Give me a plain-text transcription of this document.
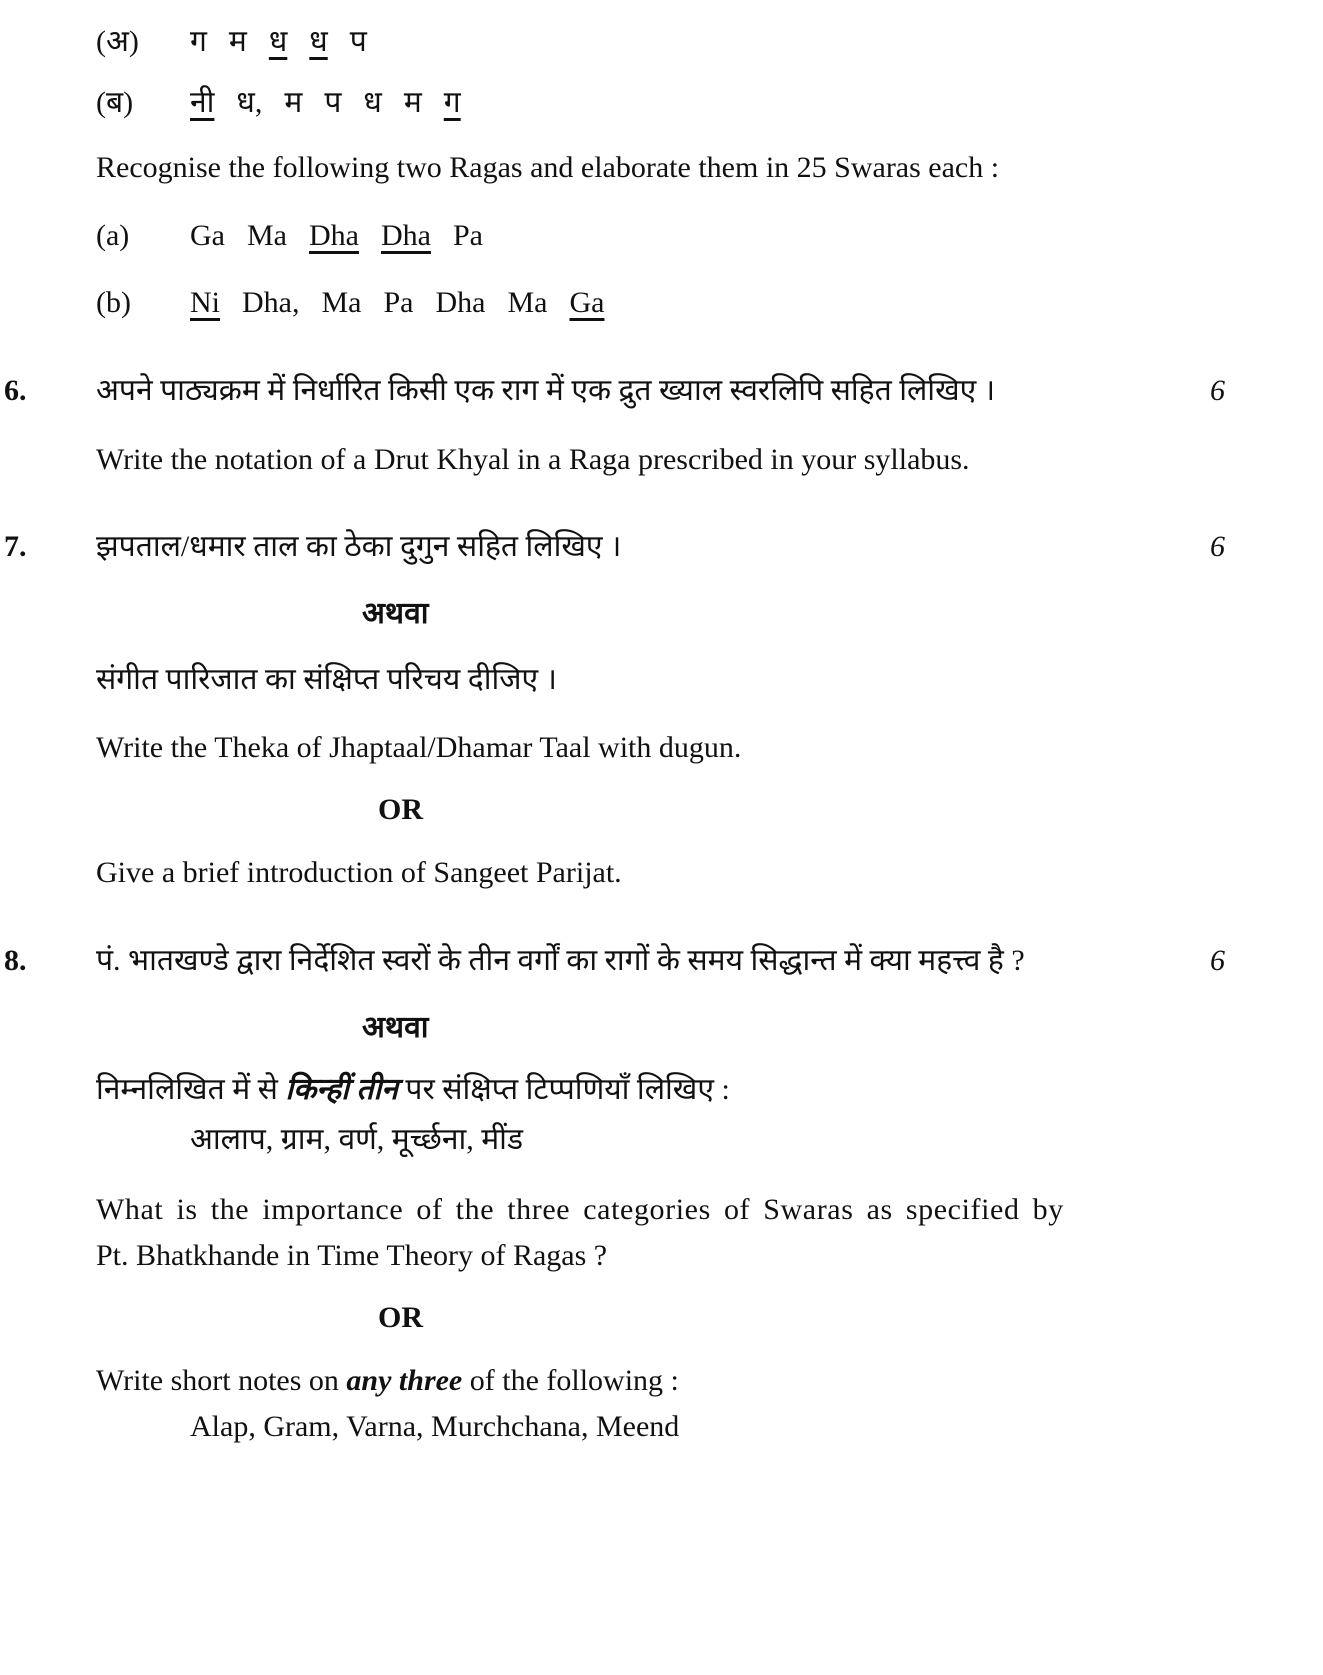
(अ) ग म ध ध प
(ब) नी ध, म प ध म ग
Recognise the following two Ragas and elaborate them in 25 Swaras each :
(a) Ga Ma Dha Dha Pa
(b) Ni Dha, Ma Pa Dha Ma Ga
6. अपने पाठ्यक्रम में निर्धारित किसी एक राग में एक द्रुत ख्याल स्वरलिपि सहित लिखिए ।	6
Write the notation of a Drut Khyal in a Raga prescribed in your syllabus.
7. झपताल/धमार ताल का ठेका दुगुन सहित लिखिए ।	6
अथवा
संगीत पारिजात का संक्षिप्त परिचय दीजिए ।
Write the Theka of Jhaptaal/Dhamar Taal with dugun.
OR
Give a brief introduction of Sangeet Parijat.
8. पं. भातखण्डे द्वारा निर्देशित स्वरों के तीन वर्गों का रागों के समय सिद्धान्त में क्या महत्त्व है ?	6
अथवा
निम्नलिखित में से किन्हीं तीन पर संक्षिप्त टिप्पणियाँ लिखिए :
आलाप, ग्राम, वर्ण, मूर्च्छना, मींड
What is the importance of the three categories of Swaras as specified by
Pt. Bhatkhande in Time Theory of Ragas ?
OR
Write short notes on any three of the following :
Alap, Gram, Varna, Murchchana, Meend
